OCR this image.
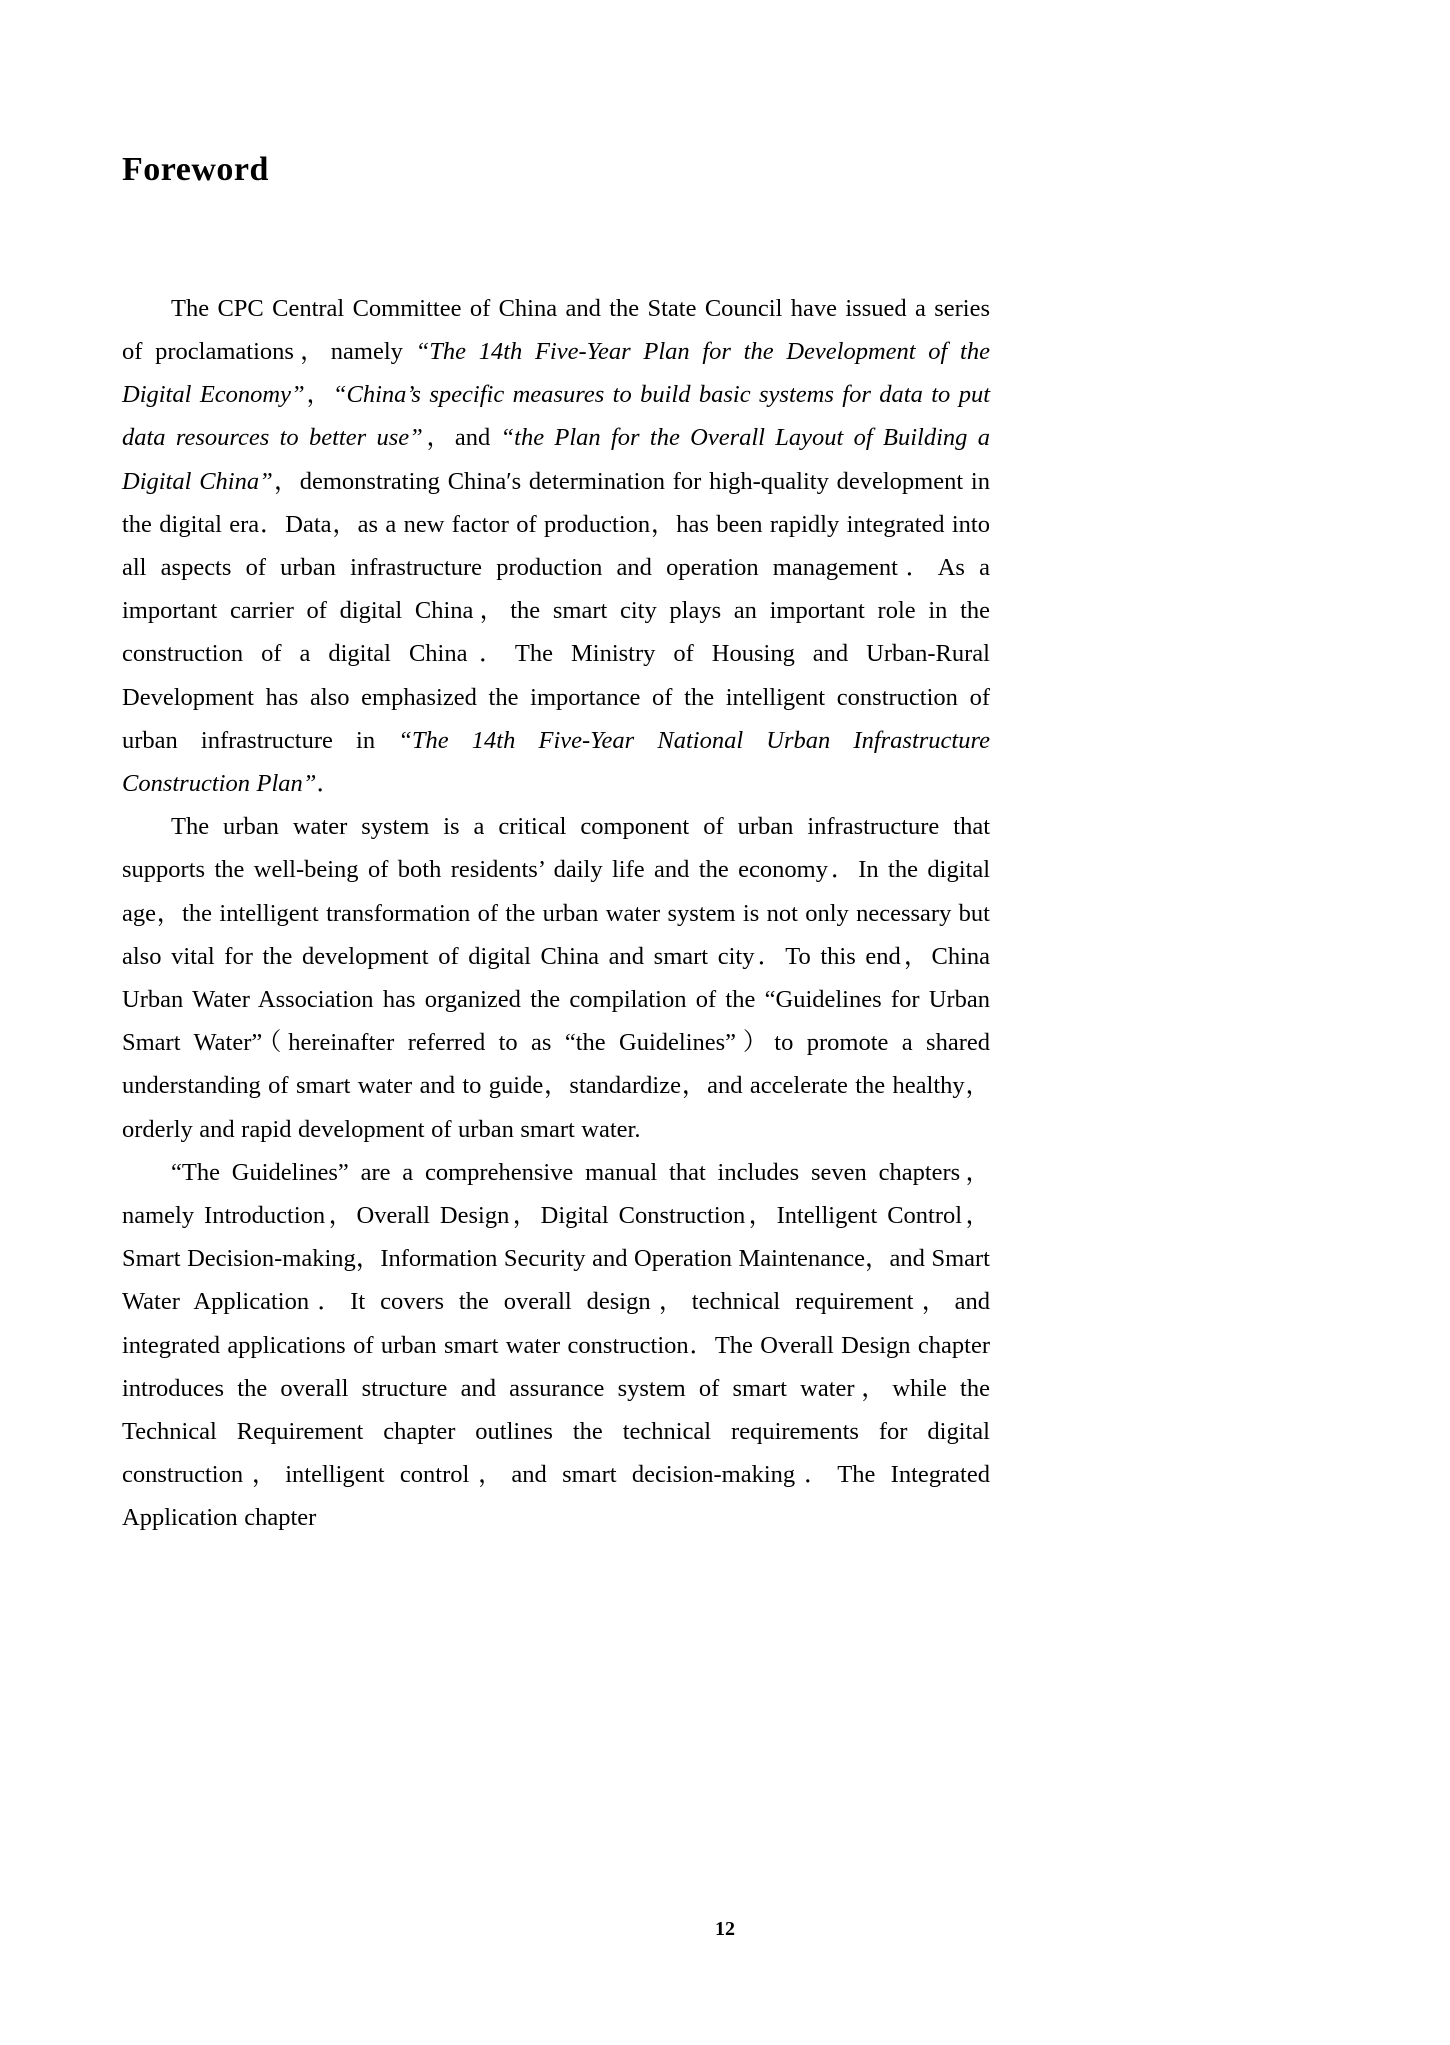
Foreword

The CPC Central Committee of China and the State Council have issued a series of proclamations，namely “The 14th Five-Year Plan for the Development of the Digital Economy”，“China’s specific measures to build basic systems for data to put data resources to better use”，and “the Plan for the Overall Layout of Building a Digital China”，demonstrating China′s determination for high-quality development in the digital era．Data，as a new factor of production，has been rapidly integrated into all aspects of urban infrastructure production and operation management．As a important carrier of digital China，the smart city plays an important role in the construction of a digital China．The Ministry of Housing and Urban-Rural Development has also emphasized the importance of the intelligent construction of urban infrastructure in “The 14th Five-Year National Urban Infrastructure Construction Plan”．

The urban water system is a critical component of urban infrastructure that supports the well-being of both residents’ daily life and the economy．In the digital age，the intelligent transformation of the urban water system is not only necessary but also vital for the development of digital China and smart city．To this end，China Urban Water Association has organized the compilation of the “Guidelines for Urban Smart Water”（hereinafter referred to as “the Guidelines”）to promote a shared understanding of smart water and to guide，standardize，and accelerate the healthy，orderly and rapid development of urban smart water.

“The Guidelines” are a comprehensive manual that includes seven chapters，namely Introduction，Overall Design，Digital Construction，Intelligent Control，Smart Decision-making，Information Security and Operation Maintenance，and Smart Water Application．It covers the overall design，technical requirement，and integrated applications of urban smart water construction．The Overall Design chapter introduces the overall structure and assurance system of smart water，while the Technical Requirement chapter outlines the technical requirements for digital construction，intelligent control，and smart decision-making．The Integrated Application chapter

12
